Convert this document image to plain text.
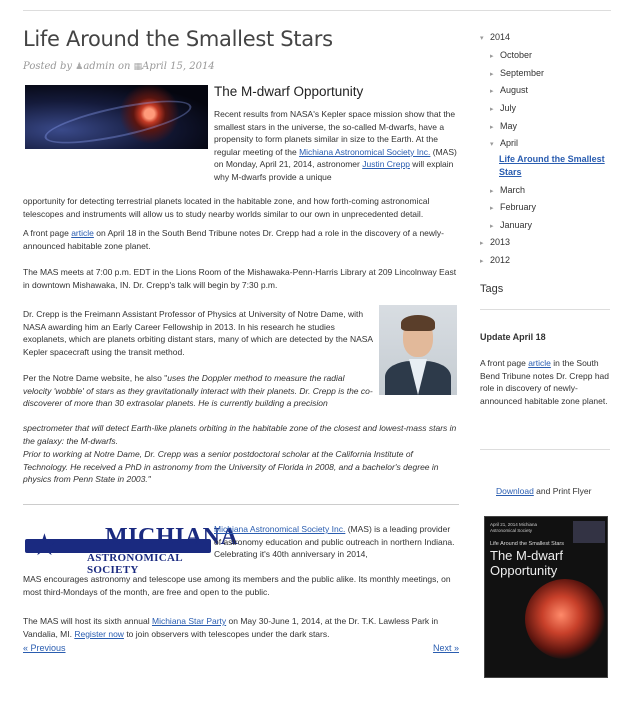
Life Around the Smallest Stars
Posted by ♟admin on ▦April 15, 2014
The M-dwarf Opportunity
Recent results from NASA's Kepler space mission show that the smallest stars in the universe, the so-called M-dwarfs, have a propensity to form planets similar in size to the Earth. At the regular meeting of the Michiana Astronomical Society Inc. (MAS) on Monday, April 21, 2014, astronomer Justin Crepp will explain why M-dwarfs provide a unique
opportunity for detecting terrestrial planets located in the habitable zone, and how forth-coming astronomical telescopes and instruments will allow us to study nearby worlds similar to our own in unprecedented detail.
A front page article on April 18 in the South Bend Tribune notes Dr. Crepp had a role in the discovery of a newly-announced habitable zone planet.
The MAS meets at 7:00 p.m. EDT in the Lions Room of the Mishawaka-Penn-Harris Library at 209 Lincolnway East in downtown Mishawaka, IN. Dr. Crepp's talk will begin by 7:30 p.m.
Dr. Crepp is the Freimann Assistant Professor of Physics at University of Notre Dame, with NASA awarding him an Early Career Fellowship in 2013. In his research he studies exoplanets, which are planets orbiting distant stars, many of which are detected by the NASA Kepler spacecraft using the transit method.
Per the Notre Dame website, he also "uses the Doppler method to measure the radial velocity 'wobble' of stars as they gravitationally interact with their planets. Dr. Crepp is the co-discoverer of more than 30 extrasolar planets. He is currently building a precision
spectrometer that will detect Earth-like planets orbiting in the habitable zone of the closest and lowest-mass stars in the galaxy: the M-dwarfs.
Prior to working at Notre Dame, Dr. Crepp was a senior postdoctoral scholar at the California Institute of Technology. He received a PhD in astronomy from the University of Florida in 2008, and a bachelor's degree in physics from Penn State in 2003."
★ MICHIANA
ASTRONOMICAL SOCIETY
Michiana Astronomical Society Inc. (MAS) is a leading provider of astronomy education and public outreach in northern Indiana. Celebrating it's 40th anniversary in 2014,
MAS encourages astronomy and telescope use among its members and the public alike. Its monthly meetings, on most third-Mondays of the month, are free and open to the public.
The MAS will host its sixth annual Michiana Star Party on May 30-June 1, 2014, at the Dr. T.K. Lawless Park in Vandalia, MI. Register now to join observers with telescopes under the dark stars.
« Previous	Next »
▾ 2014
▸ October
▸ September
▸ August
▸ July
▸ May
▾ April
Life Around the Smallest Stars
▸ March
▸ February
▸ January
▸ 2013
▸ 2012
Tags
Update April 18
A front page article in the South Bend Tribune notes Dr. Crepp had role in discovery of newly-announced habitable zone planet.
Download and Print Flyer
April 21, 2014 Michiana Astronomical Society
Life Around the Smallest Stars
The M-dwarf Opportunity
